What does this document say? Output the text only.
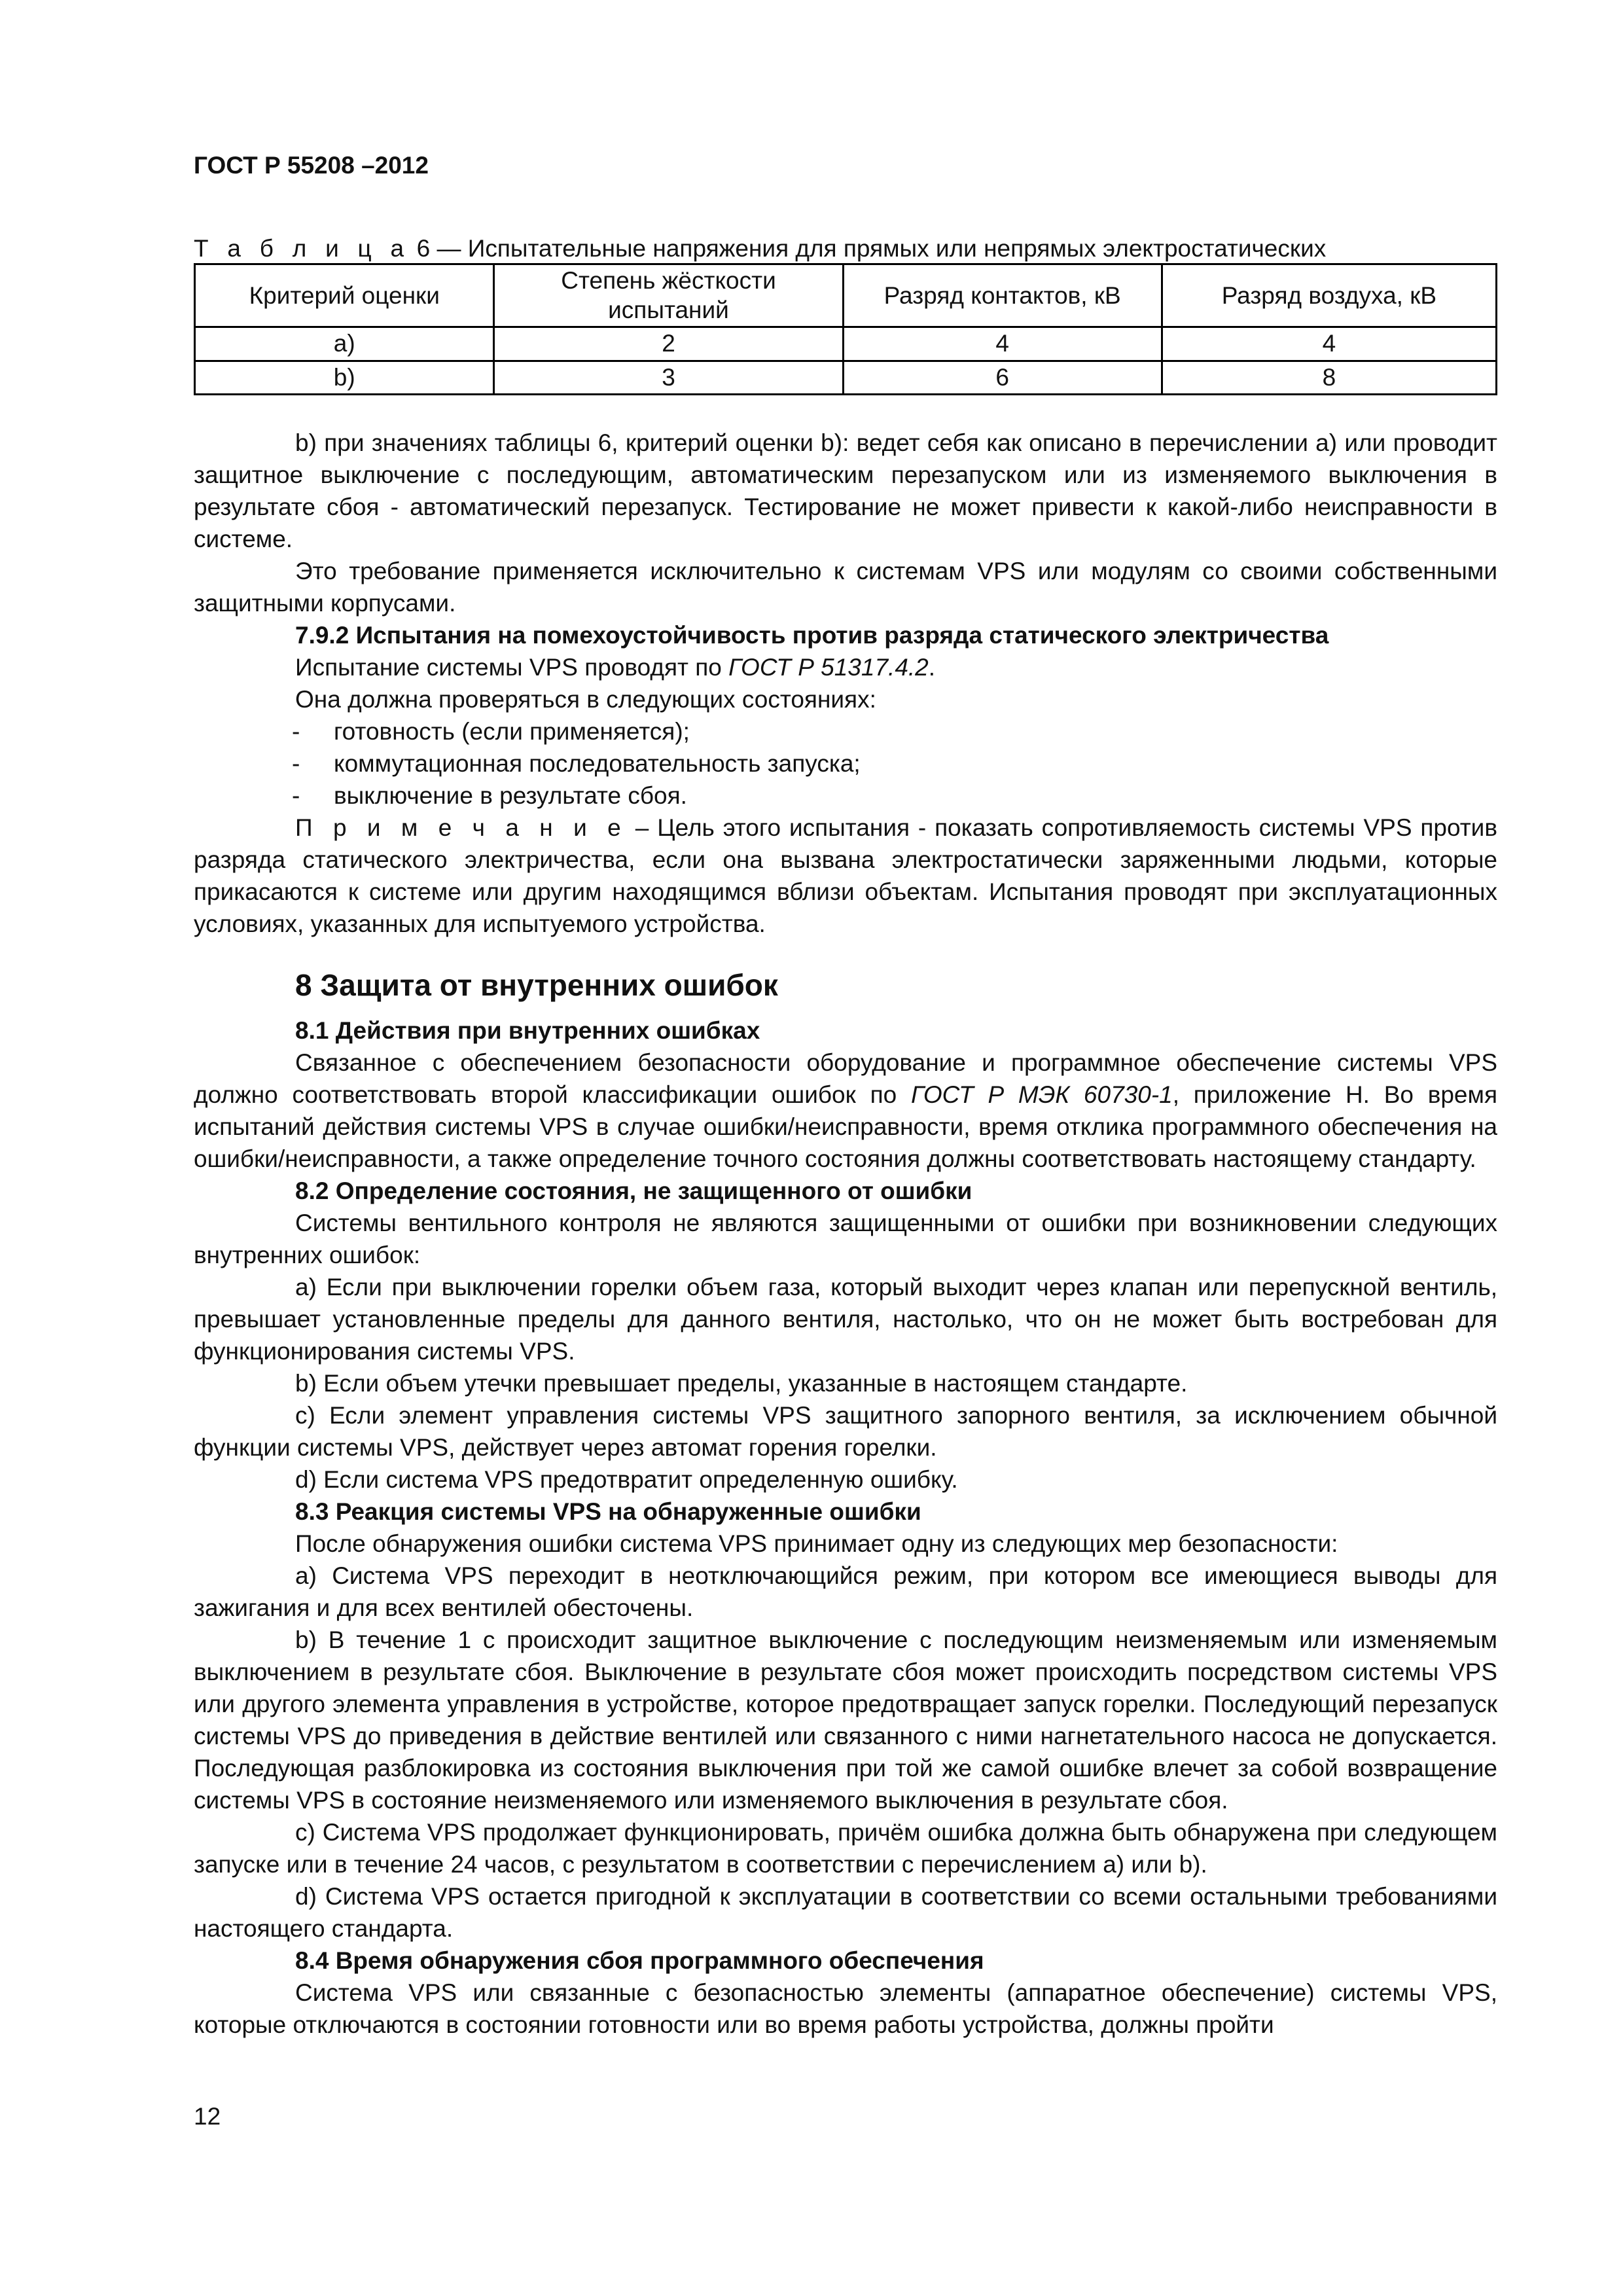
ГОСТ Р 55208 –2012
Т а б л и ц а 6 — Испытательные напряжения для прямых или непрямых электростатических
Критерий оценки	Степень жёсткости испытаний	Разряд контактов, кВ	Разряд воздуха, кВ
a)	2	4	4
b)	3	6	8

b) при значениях таблицы 6, критерий оценки b): ведет себя как описано в перечислении a) или проводит защитное выключение с последующим, автоматическим перезапуском или из изменяемого выключения в результате сбоя - автоматический перезапуск. Тестирование не может привести к какой-либо неисправности в системе.

Это требование применяется исключительно к системам VPS или модулям со своими собственными защитными корпусами.

7.9.2 Испытания на помехоустойчивость против разряда статического электричества

Испытание системы VPS проводят по ГОСТ Р 51317.4.2.

Она должна проверяться в следующих состояниях:

- готовность (если применяется);

- коммутационная последовательность запуска;

- выключение в результате сбоя.

П р и м е ч а н и е – Цель этого испытания - показать сопротивляемость системы VPS против разряда статического электричества, если она вызвана электростатически заряженными людьми, которые прикасаются к системе или другим находящимся вблизи объектам. Испытания проводят при эксплуатационных условиях, указанных для испытуемого устройства.

8 Защита от внутренних ошибок
8.1 Действия при внутренних ошибках

Связанное с обеспечением безопасности оборудование и программное обеспечение системы VPS должно соответствовать второй классификации ошибок по ГОСТ Р МЭК 60730-1, приложение Н. Во время испытаний действия системы VPS в случае ошибки/неисправности, время отклика программного обеспечения на ошибки/неисправности, а также определение точного состояния должны соответствовать настоящему стандарту.

8.2 Определение состояния, не защищенного от ошибки

Системы вентильного контроля не являются защищенными от ошибки при возникновении следующих внутренних ошибок:

a) Если при выключении горелки объем газа, который выходит через клапан или перепускной вентиль, превышает установленные пределы для данного вентиля, настолько, что он не может быть востребован для функционирования системы VPS.

b) Если объем утечки превышает пределы, указанные в настоящем стандарте.

c) Если элемент управления системы VPS защитного запорного вентиля, за исключением обычной функции системы VPS, действует через автомат горения горелки.

d) Если система VPS предотвратит определенную ошибку.

8.3 Реакция системы VPS на обнаруженные ошибки

После обнаружения ошибки система VPS принимает одну из следующих мер безопасности:

a) Система VPS переходит в неотключающийся режим, при котором все имеющиеся выводы для зажигания и для всех вентилей обесточены.

b) В течение 1 с происходит защитное выключение с последующим неизменяемым или изменяемым выключением в результате сбоя. Выключение в результате сбоя может происходить посредством системы VPS или другого элемента управления в устройстве, которое предотвращает запуск горелки. Последующий перезапуск системы VPS до приведения в действие вентилей или связанного с ними нагнетательного насоса не допускается. Последующая разблокировка из состояния выключения при той же самой ошибке влечет за собой возвращение системы VPS в состояние неизменяемого или изменяемого выключения в результате сбоя.

c) Система VPS продолжает функционировать, причём ошибка должна быть обнаружена при следующем запуске или в течение 24 часов, с результатом в соответствии с перечислением a) или b).

d) Система VPS остается пригодной к эксплуатации в соответствии со всеми остальными требованиями настоящего стандарта.

8.4 Время обнаружения сбоя программного обеспечения

Система VPS или связанные с безопасностью элементы (аппаратное обеспечение) системы VPS, которые отключаются в состоянии готовности или во время работы устройства, должны пройти

12
